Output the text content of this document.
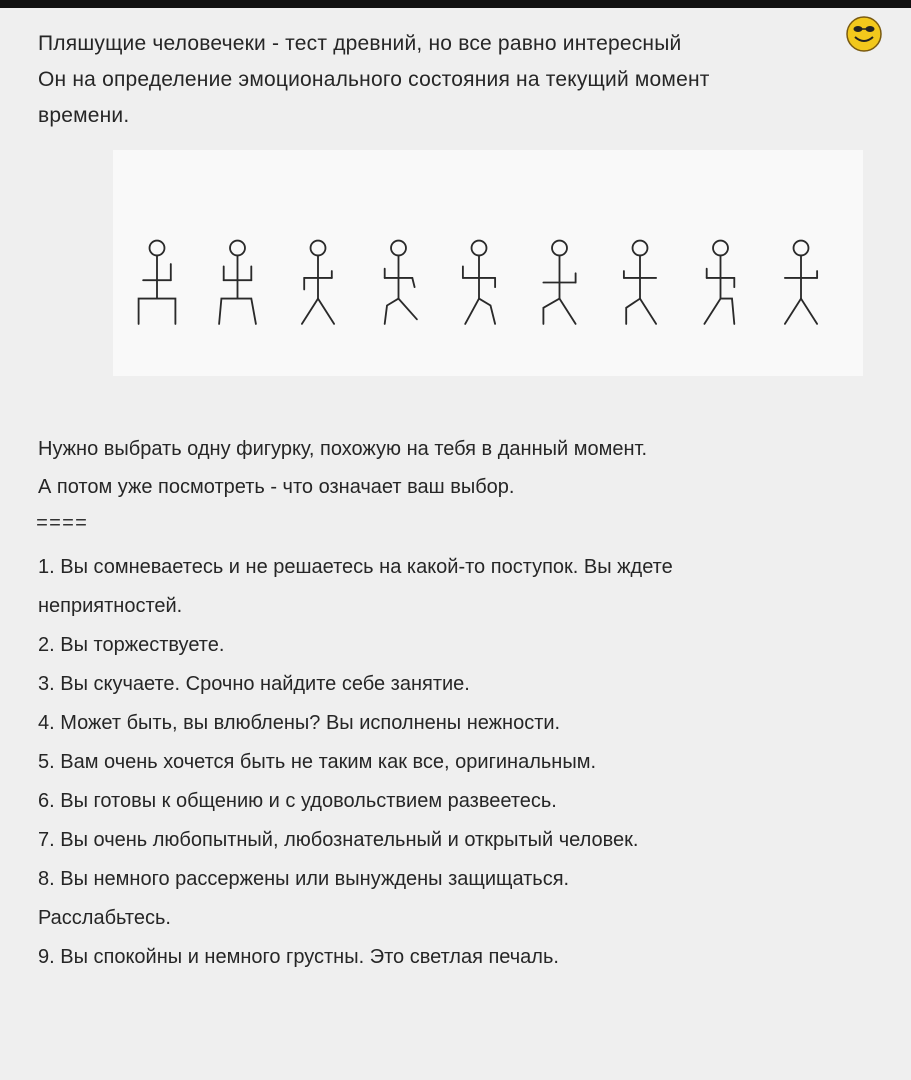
Пляшущие человечеки - тест древний, но все равно интересный
Он на определение эмоционального состояния на текущий момент
времени.
Нужно выбрать одну фигурку, похожую на тебя в данный момент.
А потом уже посмотреть - что означает ваш выбор.
====
1. Вы сомневаетесь и не решаетесь на какой-то поступок. Вы ждете
неприятностей.
2. Вы торжествуете.
3. Вы скучаете. Срочно найдите себе занятие.
4. Может быть, вы влюблены? Вы исполнены нежности.
5. Вам очень хочется быть не таким как все, оригинальным.
6. Вы готовы к общению и с удовольствием развеетесь.
7. Вы очень любопытный, любознательный и открытый человек.
8. Вы немного рассержены или вынуждены защищаться.
Расслабьтесь.
9. Вы спокойны и немного грустны. Это светлая печаль.
